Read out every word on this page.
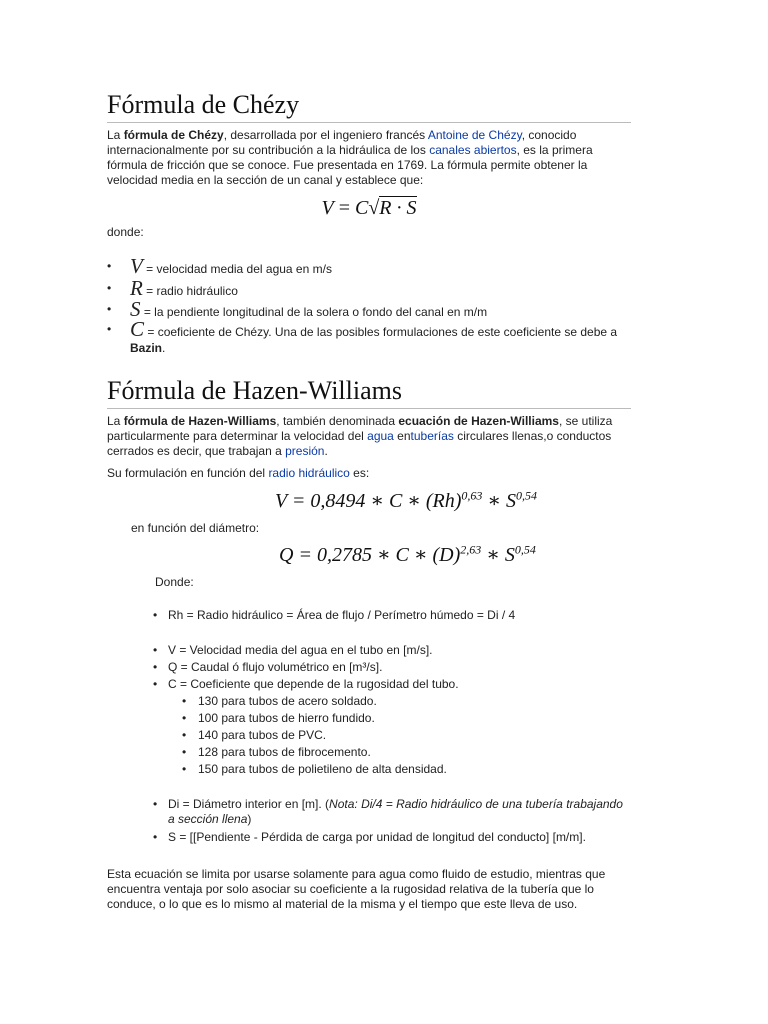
Fórmula de Chézy

La fórmula de Chézy, desarrollada por el ingeniero francés Antoine de Chézy, conocido internacionalmente por su contribución a la hidráulica de los canales abiertos, es la primera fórmula de fricción que se conoce. Fue presentada en 1769. La fórmula permite obtener la velocidad media en la sección de un canal y establece que:

V = C√R · S

donde:

• V = velocidad media del agua en m/s
• R = radio hidráulico
• S = la pendiente longitudinal de la solera o fondo del canal en m/m
• C = coeficiente de Chézy. Una de las posibles formulaciones de este coeficiente se debe a Bazin.
Fórmula de Hazen-Williams

La fórmula de Hazen-Williams, también denominada ecuación de Hazen-Williams, se utiliza particularmente para determinar la velocidad del agua entuberías circulares llenas,o conductos cerrados es decir, que trabajan a presión.

Su formulación en función del radio hidráulico es:

V = 0,8494 ∗ C ∗ $(Rh)^{0,63}$ ∗ S$^{0,54}$

en función del diámetro:

Q = 0,2785 ∗ C ∗ $(D)^{2,63}$ ∗ S$^{0,54}$

Donde:

• Rh = Radio hidráulico = Área de flujo / Perímetro húmedo = Di / 4
• V = Velocidad media del agua en el tubo en [m/s].
• Q = Caudal ó flujo volumétrico en [m³/s].
• C = Coeficiente que depende de la rugosidad del tubo.
• 130 para tubos de acero soldado.
• 100 para tubos de hierro fundido.
• 140 para tubos de PVC.
• 128 para tubos de fibrocemento.
• 150 para tubos de polietileno de alta densidad.
• Di = Diámetro interior en [m]. (Nota: Di/4 = Radio hidráulico de una tubería trabajando a sección llena)
• S = [[Pendiente - Pérdida de carga por unidad de longitud del conducto] [m/m].

Esta ecuación se limita por usarse solamente para agua como fluido de estudio, mientras que encuentra ventaja por solo asociar su coeficiente a la rugosidad relativa de la tubería que lo conduce, o lo que es lo mismo al material de la misma y el tiempo que este lleva de uso.
